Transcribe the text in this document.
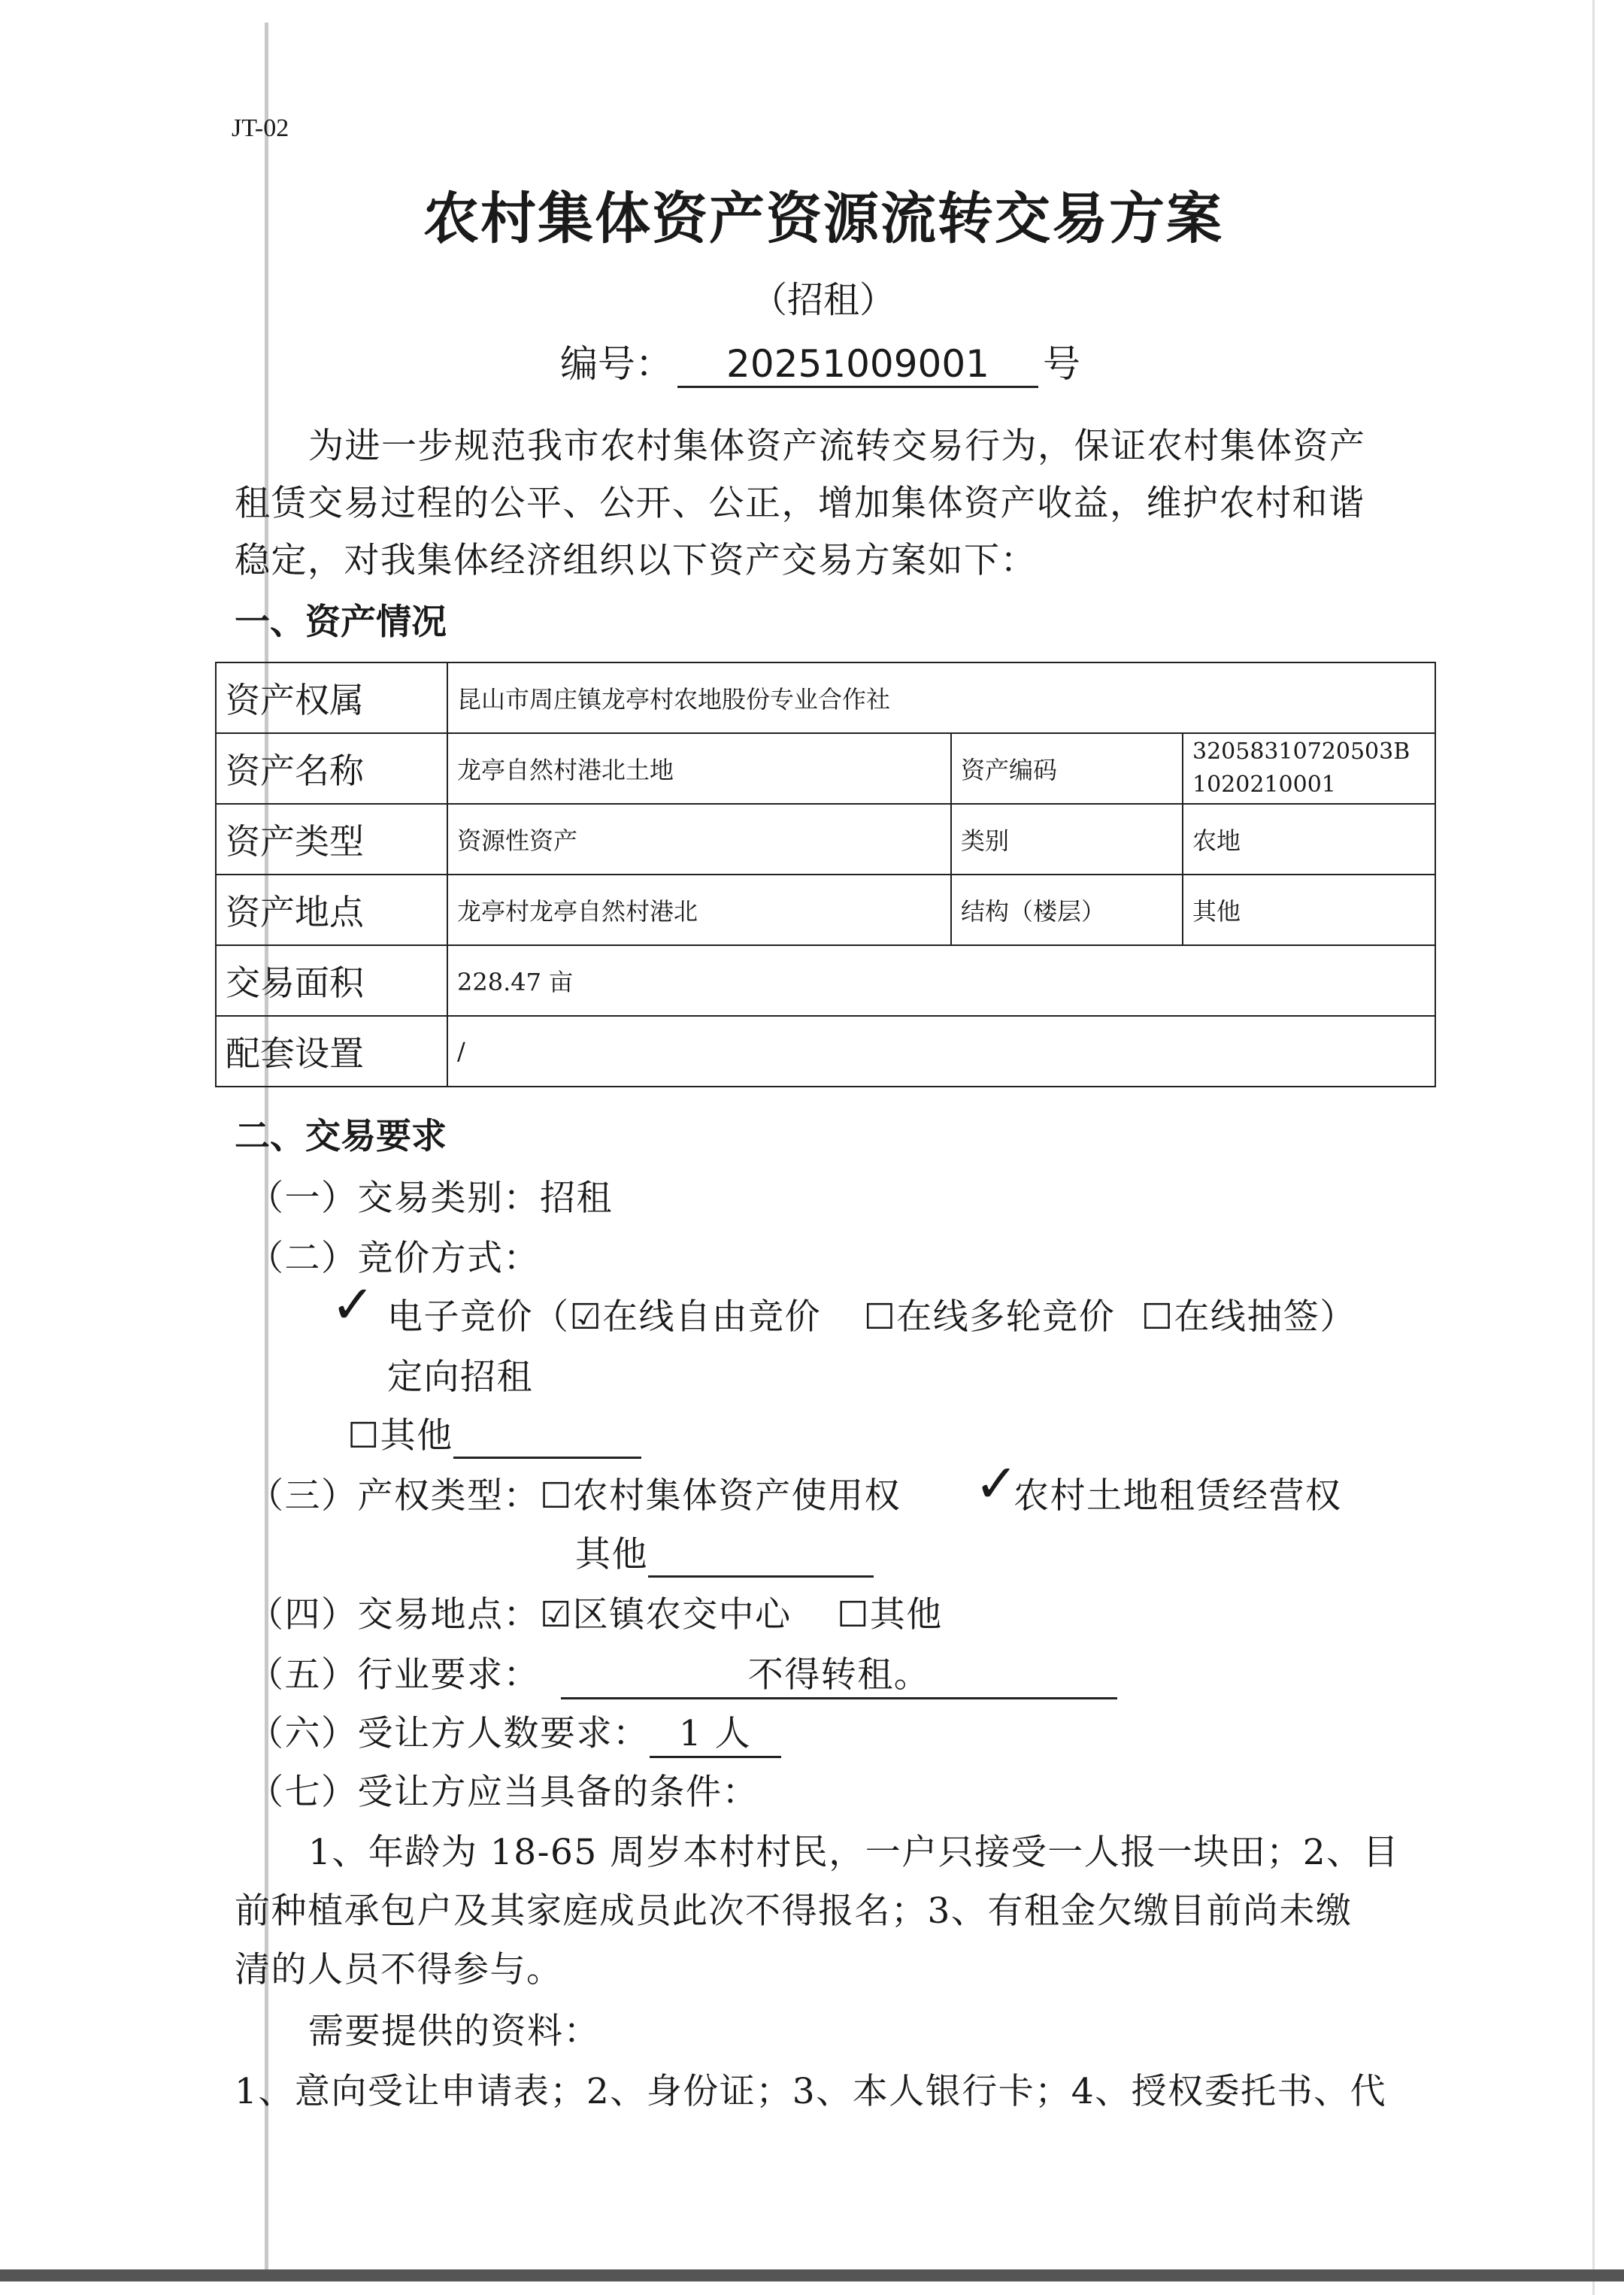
JT-02
农村集体资产资源流转交易方案
（招租）
编号： 20251009001 号
为进一步规范我市农村集体资产流转交易行为，保证农村集体资产
租赁交易过程的公平、公开、公正，增加集体资产收益，维护农村和谐
稳定，对我集体经济组织以下资产交易方案如下：
一、资产情况
资产权属	昆山市周庄镇龙亭村农地股份专业合作社		
资产名称	龙亭自然村港北土地	资产编码	32058310720503B
1020210001
资产类型	资源性资产	类别	农地
资产地点	龙亭村龙亭自然村港北	结构（楼层）	其他
交易面积	228.47 亩		
配套设置	/		
二、交易要求
（一）交易类别：招租
（二）竞价方式：
✓ 电子竞价（☑在线自由竞价 ☐在线多轮竞价 ☐在线抽签）
定向招租
☐其他
（三）产权类型：☐农村集体资产使用权 ✓
农村土地租赁经营权
其他
（四）交易地点：☑区镇农交中心 ☐其他
（五）行业要求：	不得转租。
（六）受让方人数要求： 1 人
（七）受让方应当具备的条件：
1、年龄为 18-65 周岁本村村民，一户只接受一人报一块田；2、目
前种植承包户及其家庭成员此次不得报名；3、有租金欠缴目前尚未缴
清的人员不得参与。
需要提供的资料：
1、意向受让申请表；2、身份证；3、本人银行卡；4、授权委托书、代
